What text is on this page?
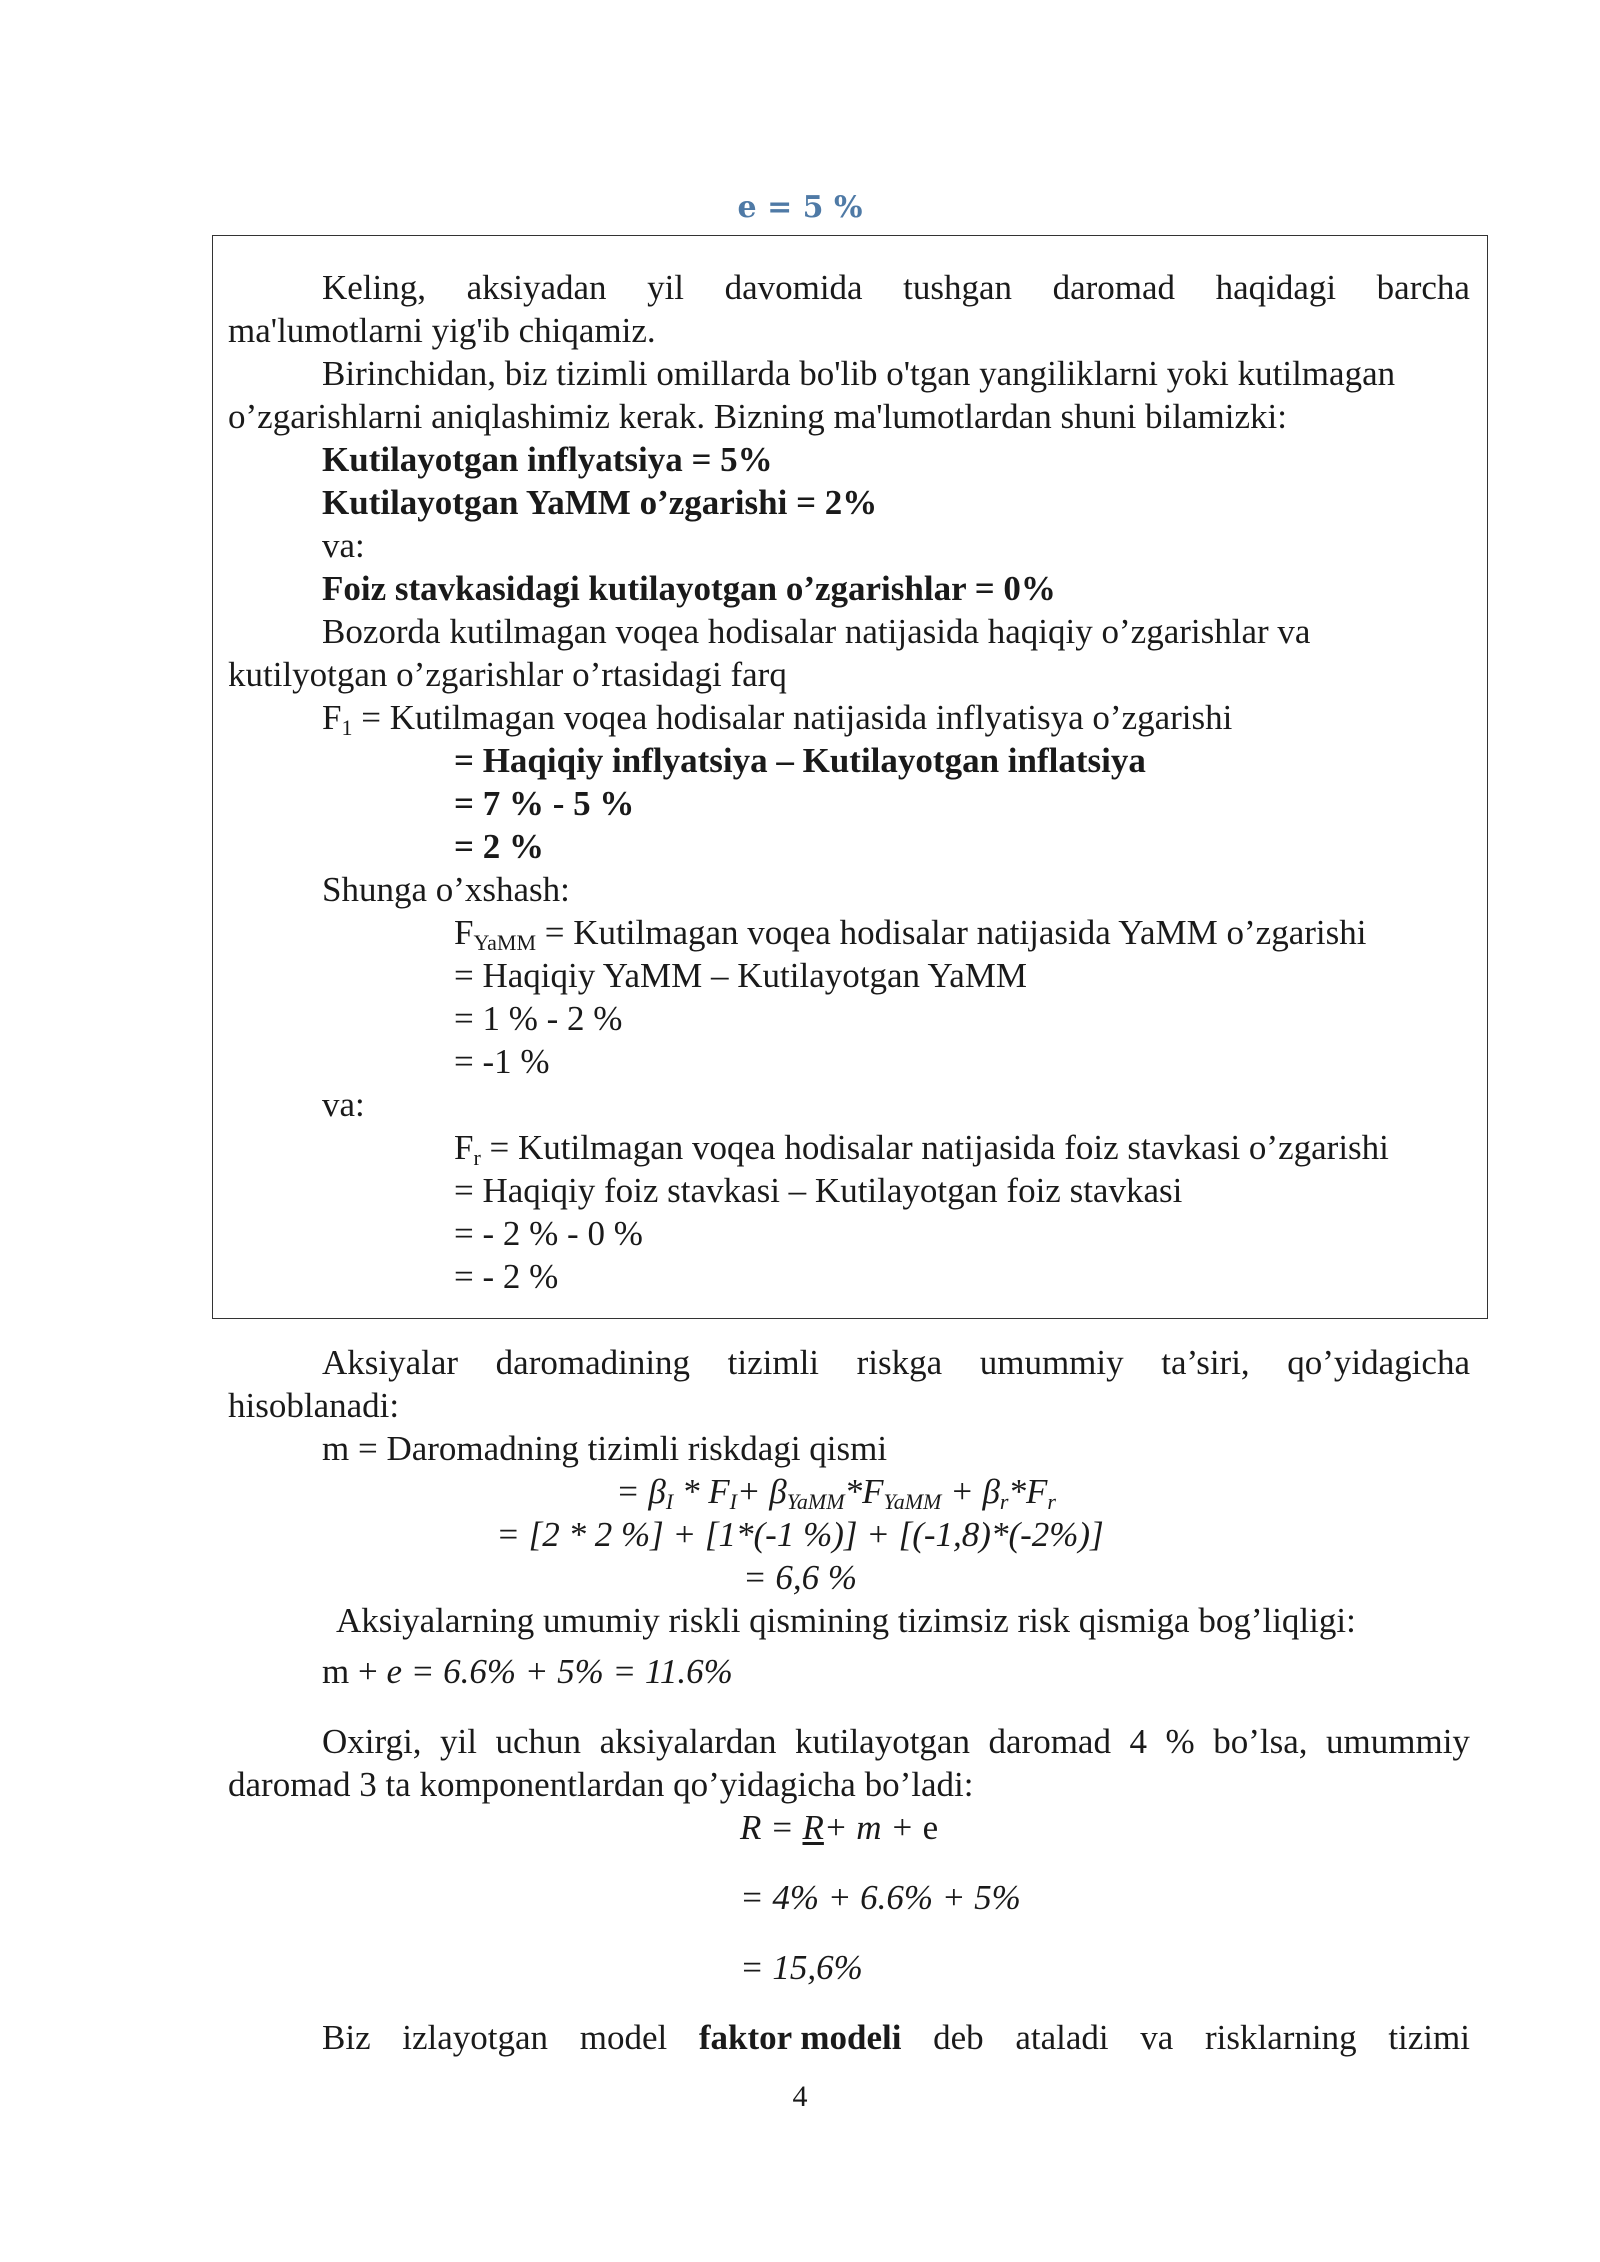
e = 5 %
Keling, aksiyadan yil davomida tushgan daromad haqidagi barcha
ma'lumotlarni yig'ib chiqamiz.
Birinchidan, biz tizimli omillarda bo'lib o'tgan yangiliklarni yoki kutilmagan
o’zgarishlarni aniqlashimiz kerak. Bizning ma'lumotlardan shuni bilamizki:
Kutilayotgan inflyatsiya = 5%
Kutilayotgan YaMM o’zgarishi = 2%
va:
Foiz stavkasidagi kutilayotgan o’zgarishlar = 0%
Bozorda kutilmagan voqea hodisalar natijasida haqiqiy o’zgarishlar va
kutilyotgan o’zgarishlar o’rtasidagi farq
$F_1$ = Kutilmagan voqea hodisalar natijasida inflyatisya o’zgarishi
= Haqiqiy inflyatsiya – Kutilayotgan inflatsiya
= 7 % - 5 %
= 2 %
Shunga o’xshash:
$F_{YaMM}$ = Kutilmagan voqea hodisalar natijasida YaMM o’zgarishi
= Haqiqiy YaMM – Kutilayotgan YaMM
= 1 % - 2 %
= -1 %
va:
$F_r$ = Kutilmagan voqea hodisalar natijasida foiz stavkasi o’zgarishi
= Haqiqiy foiz stavkasi – Kutilayotgan foiz stavkasi
= - 2 % - 0 %
= - 2 %
Aksiyalar daromadining tizimli riskga umummiy ta’siri, qo’yidagicha
hisoblanadi:
m = Daromadning tizimli riskdagi qismi
= $\beta_I * F_I+ \beta_{YaMM}*F_{YaMM} + \beta_r*F_r$
= [2 * 2 %] + [1*(-1 %)] + [(-1,8)*(-2%)]
= 6,6 %
Aksiyalarning umumiy riskli qismining tizimsiz risk qismiga bog’liqligi:
m + e = 6.6% + 5% = 11.6%
Oxirgi, yil uchun aksiyalardan kutilayotgan daromad 4 % bo’lsa, umummiy
daromad 3 ta komponentlardan qo’yidagicha bo’ladi:
R = R+ m + e
= 4% + 6.6% + 5%
= 15,6%
Biz izlayotgan model faktor modeli deb ataladi va risklarning tizimi
4
